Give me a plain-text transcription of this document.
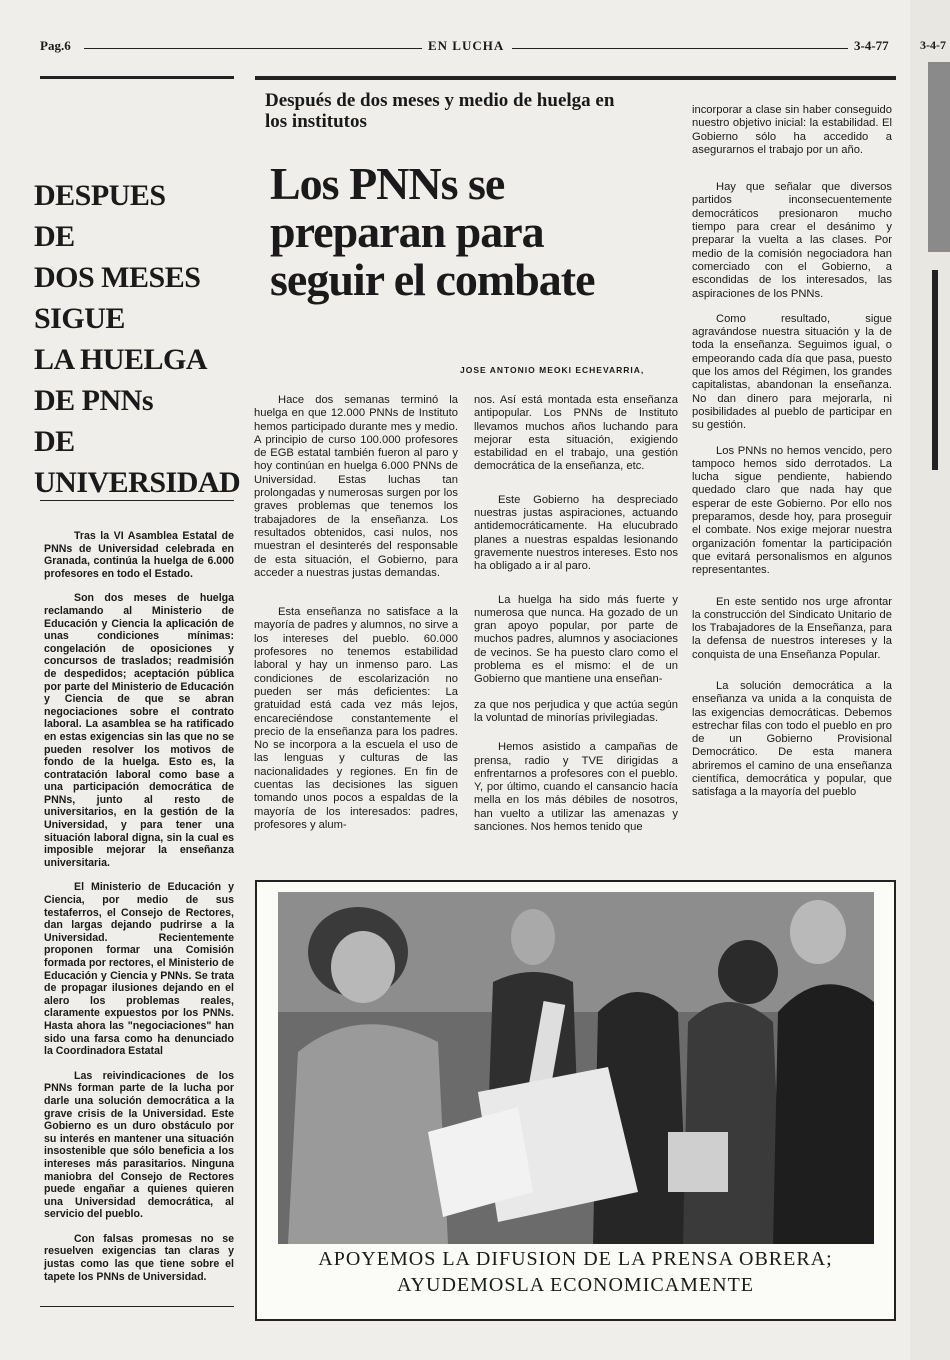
Pag.6	EN LUCHA	3-4-77	3-4-7
DESPUES
DE
DOS MESES
SIGUE
LA HUELGA
DE PNNs
DE
UNIVERSIDAD

Tras la VI Asamblea Estatal de PNNs de Universidad celebrada en Granada, continúa la huelga de 6.000 profesores en todo el Estado.

Son dos meses de huelga reclamando al Ministerio de Educación y Ciencia la aplicación de unas condiciones mínimas: congelación de oposiciones y concursos de traslados; readmisión de despedidos; aceptación pública por parte del Ministerio de Educación y Ciencia de que se abran negociaciones sobre el contrato laboral. La asamblea se ha ratificado en estas exigencias sin las que no se pueden resolver los motivos de fondo de la huelga. Esto es, la contratación laboral como base a una participación democrática de PNNs, junto al resto de universitarios, en la gestión de la Universidad, y para tener una situación laboral digna, sin la cual es imposible mejorar la enseñanza universitaria.

El Ministerio de Educación y Ciencia, por medio de sus testaferros, el Consejo de Rectores, dan largas dejando pudrirse a la Universidad. Recientemente proponen formar una Comisión formada por rectores, el Ministerio de Educación y Ciencia y PNNs. Se trata de propagar ilusiones dejando en el alero los problemas reales, claramente expuestos por los PNNs. Hasta ahora las "negociaciones" han sido una farsa como ha denunciado la Coordinadora Estatal

Las reivindicaciones de los PNNs forman parte de la lucha por darle una solución democrática a la grave crisis de la Universidad. Este Gobierno es un duro obstáculo por su interés en mantener una situación insostenible que sólo beneficia a los intereses más parasitarios. Ninguna maniobra del Consejo de Rectores puede engañar a quienes quieren una Universidad democrática, al servicio del pueblo.

Con falsas promesas no se resuelven exigencias tan claras y justas como las que tiene sobre el tapete los PNNs de Universidad.

Después de dos meses y medio de huelga en los institutos
Los PNNs se
preparan para
seguir el combate
JOSE ANTONIO MEOKI ECHEVARRIA,

Hace dos semanas terminó la huelga en que 12.000 PNNs de Instituto hemos participado durante mes y medio. A principio de curso 100.000 profesores de EGB estatal también fueron al paro y hoy continúan en huelga 6.000 PNNs de Universidad. Estas luchas tan prolongadas y numerosas surgen por los graves problemas que tenemos los trabajadores de la enseñanza. Los resultados obtenidos, casi nulos, nos muestran el desinterés del responsable de esta situación, el Gobierno, para acceder a nuestras justas demandas.

Esta enseñanza no satisface a la mayoría de padres y alumnos, no sirve a los intereses del pueblo. 60.000 profesores no tenemos estabilidad laboral y hay un inmenso paro. Las condiciones de escolarización no pueden ser más deficientes: La gratuidad está cada vez más lejos, encareciéndose constantemente el precio de la enseñanza para los padres. No se incorpora a la escuela el uso de las lenguas y culturas de las nacionalidades y regiones. En fin de cuentas las decisiones las siguen tomando unos pocos a espaldas de la mayoría de los interesados: padres, profesores y alum-

nos. Así está montada esta enseñanza antipopular. Los PNNs de Instituto llevamos muchos años luchando para mejorar esta situación, exigiendo estabilidad en el trabajo, una gestión democrática de la enseñanza, etc.

Este Gobierno ha despreciado nuestras justas aspiraciones, actuando antidemocráticamente. Ha elucubrado planes a nuestras espaldas lesionando gravemente nuestros intereses. Esto nos ha obligado a ir al paro.

La huelga ha sido más fuerte y numerosa que nunca. Ha gozado de un gran apoyo popular, por parte de muchos padres, alumnos y asociaciones de vecinos. Se ha puesto claro como el problema es el mismo: el de un Gobierno que mantiene una enseñan-

za que nos perjudica y que actúa según la voluntad de minorías privilegiadas.

Hemos asistido a campañas de prensa, radio y TVE dirigidas a enfrentarnos a profesores con el pueblo. Y, por último, cuando el cansancio hacía mella en los más débiles de nosotros, han vuelto a utilizar las amenazas y sanciones. Nos hemos tenido que

incorporar a clase sin haber conseguido nuestro objetivo inicial: la estabilidad. El Gobierno sólo ha accedido a asegurarnos el trabajo por un año.

Hay que señalar que diversos partidos inconsecuentemente democráticos presionaron mucho tiempo para crear el desánimo y preparar la vuelta a las clases. Por medio de la comisión negociadora han comerciado con el Gobierno, a escondidas de los interesados, las aspiraciones de los PNNs.

Como resultado, sigue agravándose nuestra situación y la de toda la enseñanza. Seguimos igual, o empeorando cada día que pasa, puesto que los amos del Régimen, los grandes capitalistas, abandonan la enseñanza. No dan dinero para mejorarla, ni posibilidades al pueblo de participar en su gestión.

Los PNNs no hemos vencido, pero tampoco hemos sido derrotados. La lucha sigue pendiente, habiendo quedado claro que nada hay que esperar de este Gobierno. Por ello nos preparamos, desde hoy, para proseguir el combate. Nos exige mejorar nuestra organización fomentar la participación que evitará personalismos en algunos representantes.

En este sentido nos urge afrontar la construcción del Sindicato Unitario de los Trabajadores de la Enseñanza, para la defensa de nuestros intereses y la conquista de una Enseñanza Popular.

La solución democrática a la enseñanza va unida a la conquista de las exigencias democráticas. Debemos estrechar filas con todo el pueblo en pro de un Gobierno Provisional Democrático. De esta manera abriremos el camino de una enseñanza científica, democrática y popular, que satisfaga a la mayoría del pueblo

APOYEMOS LA DIFUSION DE LA PRENSA OBRERA;
AYUDEMOSLA ECONOMICAMENTE
